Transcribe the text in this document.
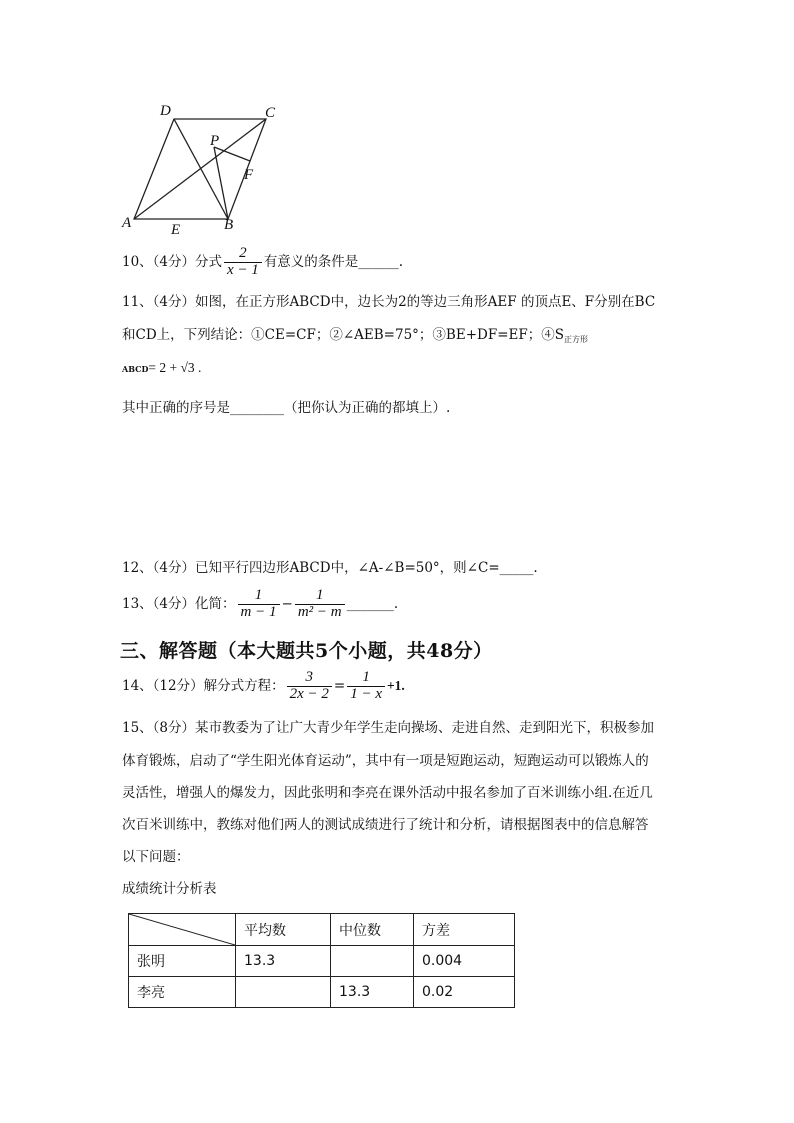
D	C
P
F
A	E	B
10、（4分）分式 $\frac{2}{x - 1}$ 有意义的条件是______.
11、（4分）如图，在正方形ABCD中，边长为2的等边三角形AEF 的顶点E、F分别在BC
和CD上，下列结论：①CE=CF；②∠AEB=75°；③BE+DF=EF；$④S_{正方形}$
ABCD= 2 + √3 .
其中正确的序号是________（把你认为正确的都填上）.
12、（4分）已知平行四边形ABCD中，∠A-∠B=50°，则∠C=_____.
13、（4分）化简： $\frac{1}{m - 1} - \frac{1}{\text{m² − m}}$ _______.
三、解答题（本大题共5个小题，共48分）
14、（12分）解分式方程： $\frac{3}{2x - 2} = \frac{1}{1 - x} +1$.
15、（8分）某市教委为了让广大青少年学生走向操场、走进自然、走到阳光下，积极参加
体育锻炼，启动了“学生阳光体育运动”，其中有一项是短跑运动，短跑运动可以锻炼人的
灵活性，增强人的爆发力，因此张明和李亮在课外活动中报名参加了百米训练小组.在近几
次百米训练中，教练对他们两人的测试成绩进行了统计和分析，请根据图表中的信息解答
以下问题：
成绩统计分析表
	平均数	中位数	方差
张明	13.3		0.004
李亮		13.3	0.02
